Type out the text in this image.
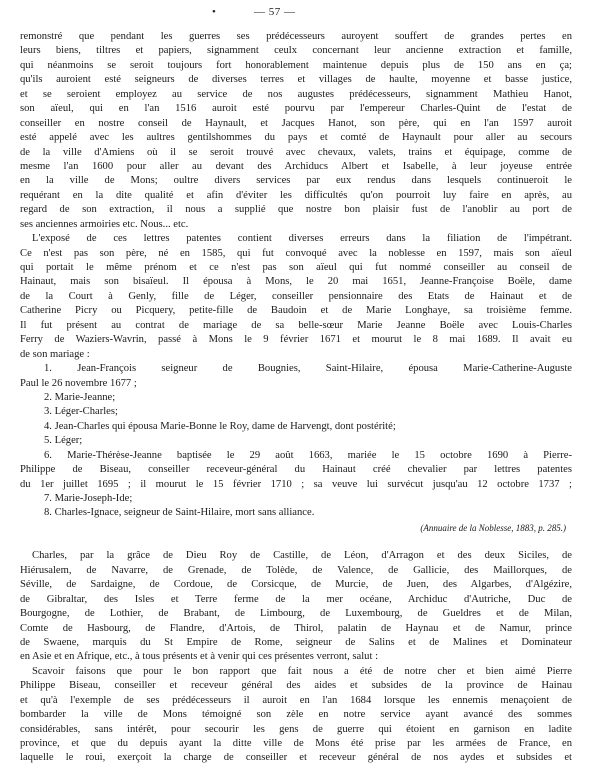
•	— 57 —
remonstré que pendant les guerres ses prédécesseurs auroyent souffert de grandes pertes en
leurs biens, tiltres et papiers, signamment ceulx concernant leur ancienne extraction et famille,
qui néanmoins se seroit toujours fort honorablement maintenue depuis plus de 150 ans en ça;
qu'ils auroient esté seigneurs de diverses terres et villages de haulte, moyenne et basse justice,
et se seroient employez au service de nos augustes prédécesseurs, signamment Mathieu Hanot,
son aïeul, qui en l'an 1516 auroit esté pourvu par l'empereur Charles-Quint de l'estat de
conseiller en nostre conseil de Haynault, et Jacques Hanot, son père, qui en l'an 1597 auroit
esté appelé avec les aultres gentilshommes du pays et comté de Haynault pour aller au secours
de la ville d'Amiens où il se seroit trouvé avec chevaux, valets, trains et équipage, comme de
mesme l'an 1600 pour aller au devant des Archiducs Albert et Isabelle, à leur joyeuse entrée
en la ville de Mons; oultre divers services par eux rendus dans lesquels continueroit le
requérant en la dite qualité et afin d'éviter les difficultés qu'on pourroit luy faire en après, au
regard de son extraction, il nous a supplié que nostre bon plaisir fust de l'anoblir au port de
ses anciennes armoiries etc. Nous... etc.
L'exposé de ces lettres patentes contient diverses erreurs dans la filiation de l'impétrant.
Ce n'est pas son père, né en 1585, qui fut convoqué avec la noblesse en 1597, mais son aïeul
qui portait le même prénom et ce n'est pas son aïeul qui fut nommé conseiller au conseil de
Hainaut, mais son bisaïeul. Il épousa à Mons, le 20 mai 1651, Jeanne-Françoise Boële, dame
de la Court à Genly, fille de Léger, conseiller pensionnaire des Etats de Hainaut et de
Catherine Picry ou Picquery, petite-fille de Baudoin et de Marie Longhaye, sa troisième femme.
Il fut présent au contrat de mariage de sa belle-sœur Marie Jeanne Boële avec Louis-Charles
Ferry de Waziers-Wavrin, passé à Mons le 9 février 1671 et mourut le 8 mai 1689. Il avait eu
de son mariage :
1. Jean-François seigneur de Bougnies, Saint-Hilaire, épousa Marie-Catherine-Auguste
Paul le 26 novembre 1677 ;
2. Marie-Jeanne;
3. Léger-Charles;
4. Jean-Charles qui épousa Marie-Bonne le Roy, dame de Harvengt, dont postérité;
5. Léger;
6. Marie-Thérèse-Jeanne baptisée le 29 août 1663, mariée le 15 octobre 1690 à Pierre-
Philippe de Biseau, conseiller receveur-général du Hainaut créé chevalier par lettres patentes
du 1er juillet 1695 ; il mourut le 15 février 1710 ; sa veuve lui survécut jusqu'au 12 octobre 1737 ;
7. Marie-Joseph-Ide;
8. Charles-Ignace, seigneur de Saint-Hilaire, mort sans alliance.
(Annuaire de la Noblesse, 1883, p. 285.)
Charles, par la grâce de Dieu Roy de Castille, de Léon, d'Arragon et des deux Siciles, de
Hiérusalem, de Navarre, de Grenade, de Tolède, de Valence, de Gallicie, des Maillorques, de
Séville, de Sardaigne, de Cordoue, de Corsicque, de Murcie, de Juen, des Algarbes, d'Algézire,
de Gibraltar, des Isles et Terre ferme de la mer océane, Archiduc d'Autriche, Duc de
Bourgogne, de Lothier, de Brabant, de Limbourg, de Luxembourg, de Gueldres et de Milan,
Comte de Hasbourg, de Flandre, d'Artois, de Thirol, palatin de Haynau et de Namur, prince
de Swaene, marquis du St Empire de Rome, seigneur de Salins et de Malines et Dominateur
en Asie et en Afrique, etc., à tous présents et à venir qui ces présentes verront, salut :
Scavoir faisons que pour le bon rapport que fait nous a été de notre cher et bien aimé Pierre
Philippe Biseau, conseiller et receveur général des aides et subsides de la province de Hainau
et qu'à l'exemple de ses prédécesseurs il auroit en l'an 1684 lorsque les ennemis menaçoient de
bombarder la ville de Mons témoigné son zèle en notre service ayant avancé des sommes
considérables, sans intérêt, pour secourir les gens de guerre qui étoient en garnison en ladite
province, et que du depuis ayant la ditte ville de Mons été prise par les armées de France, en
laquelle le roui, exerçoit la charge de conseiller et receveur général de nos aydes et subsides et
